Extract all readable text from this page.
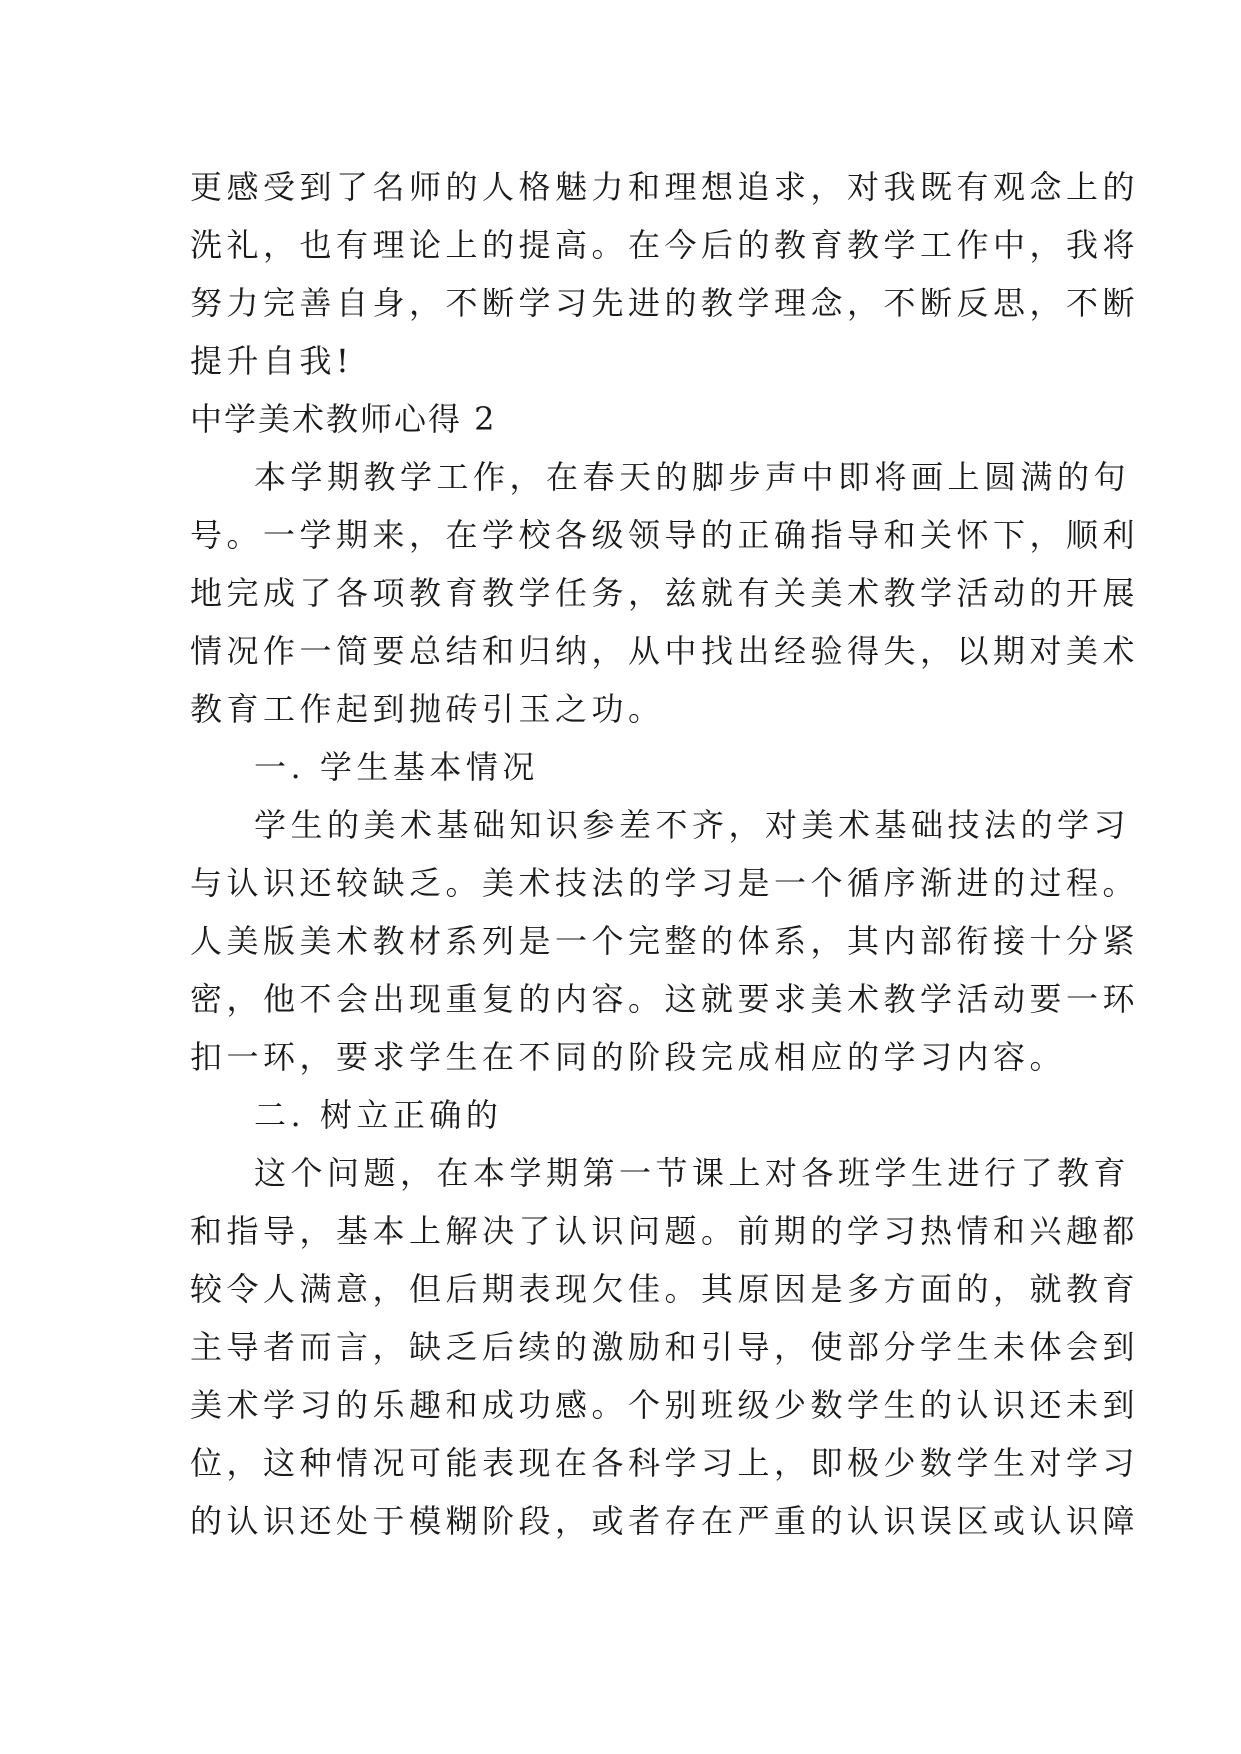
更感受到了名师的人格魅力和理想追求，对我既有观念上的

洗礼，也有理论上的提高。在今后的教育教学工作中，我将

努力完善自身，不断学习先进的教学理念，不断反思，不断

提升自我!

中学美术教师心得 2

本学期教学工作，在春天的脚步声中即将画上圆满的句

号。一学期来，在学校各级领导的正确指导和关怀下，顺利

地完成了各项教育教学任务，兹就有关美术教学活动的开展

情况作一简要总结和归纳，从中找出经验得失，以期对美术

教育工作起到抛砖引玉之功。

一. 学生基本情况

学生的美术基础知识参差不齐，对美术基础技法的学习

与认识还较缺乏。美术技法的学习是一个循序渐进的过程。

人美版美术教材系列是一个完整的体系，其内部衔接十分紧

密，他不会出现重复的内容。这就要求美术教学活动要一环

扣一环，要求学生在不同的阶段完成相应的学习内容。

二. 树立正确的

这个问题，在本学期第一节课上对各班学生进行了教育

和指导，基本上解决了认识问题。前期的学习热情和兴趣都

较令人满意，但后期表现欠佳。其原因是多方面的，就教育

主导者而言，缺乏后续的激励和引导，使部分学生未体会到

美术学习的乐趣和成功感。个别班级少数学生的认识还未到

位，这种情况可能表现在各科学习上，即极少数学生对学习

的认识还处于模糊阶段，或者存在严重的认识误区或认识障
